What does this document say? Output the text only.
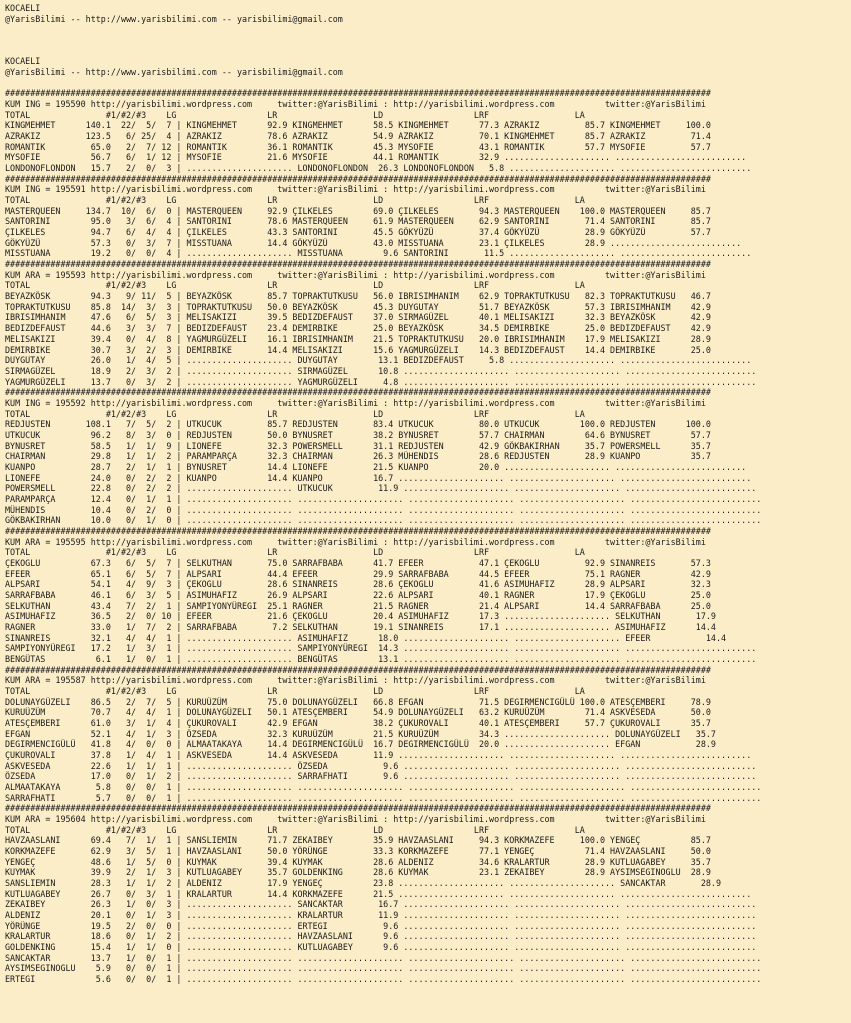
KOCAELI
@YarisBilimi -- http://www.yarisbilimi.com -- yarisbilimi@gmail.com

KOCAELI
@YarisBilimi -- http://www.yarisbilimi.com -- yarisbilimi@gmail.com

############################################################################################################################################
KUM ING = 195590 http://yarisbilimi.wordpress.com     twitter:@YarisBilimi : http://yarisbilimi.wordpress.com          twitter:@YarisBilimi
TOTAL               #1/#2/#3    LG                  LR                   LD                  LRF                 LA
KINGMEHMET      140.1  22/  5/  7 | KINGMEHMET      92.9 KINGMEHMET      58.5 KINGMEHMET      77.3 AZRAKIZ         85.7 KINGMEHMET     100.0
AZRAKIZ         123.5   6/ 25/  4 | AZRAKIZ         78.6 AZRAKIZ         54.9 AZRAKIZ         70.1 KINGMEHMET      85.7 AZRAKIZ         71.4
ROMANTIK         65.0   2/  7/ 12 | ROMANTIK        36.1 ROMANTIK        45.3 MYSOFIE         43.1 ROMANTIK        57.7 MYSOFIE         57.7
MYSOFIE          56.7   6/  1/ 12 | MYSOFIE         21.6 MYSOFIE         44.1 ROMANTIK        32.9 ..................... ..........................
LONDONOFLONDON   15.7   2/  0/  3 | ..................... LONDONOFLONDON  26.3 LONDONOFLONDON   5.8 ..................... ..........................
############################################################################################################################################
KUM ING = 195591 http://yarisbilimi.wordpress.com     twitter:@YarisBilimi : http://yarisbilimi.wordpress.com          twitter:@YarisBilimi
TOTAL               #1/#2/#3    LG                  LR                   LD                  LRF                 LA
MASTERQUEEN     134.7  10/  6/  0 | MASTERQUEEN     92.9 ÇILKELES        69.0 ÇILKELES        94.3 MASTERQUEEN    100.0 MASTERQUEEN     85.7
SANTORINI        95.0   3/  6/  4 | SANTORINI       78.6 MASTERQUEEN     61.9 MASTERQUEEN     62.9 SANTORINI       71.4 SANTORINI       85.7
ÇILKELES         94.7   6/  4/  4 | ÇILKELES        43.3 SANTORINI       45.5 GÖKYÜZÜ         37.4 GÖKYÜZÜ         28.9 GÖKYÜZÜ         57.7
GÖKYÜZÜ          57.3   0/  3/  7 | MISSTUANA       14.4 GÖKYÜZÜ         43.0 MISSTUANA       23.1 ÇILKELES        28.9 ..........................
MISSTUANA        19.2   0/  0/  4 | ..................... MISSTUANA        9.6 SANTORINI       11.5 ..................... ..........................
############################################################################################################################################
KUM ARA = 195593 http://yarisbilimi.wordpress.com     twitter:@YarisBilimi : http://yarisbilimi.wordpress.com          twitter:@YarisBilimi
TOTAL               #1/#2/#3    LG                  LR                   LD                  LRF                 LA
BEYAZKÖSK        94.3   9/ 11/  5 | BEYAZKÖSK       85.7 TOPRAKTUTKUSU   56.0 IBRISIMHANIM    62.9 TOPRAKTUTKUSU   82.3 TOPRAKTUTKUSU   46.7
TOPRAKTUTKUSU    85.8  14/  3/  3 | TOPRAKTUTKUSU   50.0 BEYAZKÖSK       45.3 DUYGUTAY        51.7 BEYAZKÖSK       57.3 IBRISIMHANIM    42.9
IBRISIMHANIM     47.6   6/  5/  3 | MELISAKIZI      39.5 BEDIZDEFAUST    37.0 SIRMAGÜZEL      40.1 MELISAKIZI      32.3 BEYAZKÖSK       42.9
BEDIZDEFAUST     44.6   3/  3/  7 | BEDIZDEFAUST    23.4 DEMIRBIKE       25.0 BEYAZKÖSK       34.5 DEMIRBIKE       25.0 BEDIZDEFAUST    42.9
MELISAKIZI       39.4   0/  4/  8 | YAGMURGÜZELI    16.1 IBRISIMHANIM    21.5 TOPRAKTUTKUSU   20.0 IBRISIMHANIM    17.9 MELISAKIZI      28.9
DEMIRBIKE        30.7   3/  2/  3 | DEMIRBIKE       14.4 MELISAKIZI      15.6 YAGMURGÜZELI    14.3 BEDIZDEFAUST    14.4 DEMIRBIKE       25.0
DUYGUTAY         26.0   1/  4/  5 | ..................... DUYGUTAY        13.1 BEDIZDEFAUST     5.8 ..................... ..........................
SIRMAGÜZEL       18.9   2/  3/  2 | ..................... SIRMAGÜZEL      10.8 ..................... ..................... ..........................
YAGMURGÜZELI     13.7   0/  3/  2 | ..................... YAGMURGÜZELI     4.8 ..................... ..................... ..........................
############################################################################################################################################
KUM ING = 195592 http://yarisbilimi.wordpress.com     twitter:@YarisBilimi : http://yarisbilimi.wordpress.com          twitter:@YarisBilimi
TOTAL               #1/#2/#3    LG                  LR                   LD                  LRF                 LA
REDJUSTEN       108.1   7/  5/  2 | UTKUCUK         85.7 REDJUSTEN       83.4 UTKUCUK         80.0 UTKUCUK        100.0 REDJUSTEN      100.0
UTKUCUK          96.2   8/  3/  0 | REDJUSTEN       50.0 BYNUSRET        38.2 BYNUSRET        57.7 CHAIRMAN        64.6 BYNUSRET        57.7
BYNUSRET         58.5   1/  1/  9 | LIONEFE         32.3 POWERSMELL      31.1 REDJUSTEN       42.9 GÖKBAKIRHAN     35.7 POWERSMELL      35.7
CHAIRMAN         29.8   1/  1/  2 | PARAMPARÇA      32.3 CHAIRMAN        26.3 MÜHENDIS        28.6 REDJUSTEN       28.9 KUANPO          35.7
KUANPO           28.7   2/  1/  1 | BYNUSRET        14.4 LIONEFE         21.5 KUANPO          20.0 ..................... ..........................
LIONEFE          24.0   0/  2/  2 | KUANPO          14.4 KUANPO          16.7 ..................... ..................... ..........................
POWERSMELL       22.8   0/  2/  2 | ..................... UTKUCUK         11.9 ..................... ..................... ..........................
PARAMPARÇA       12.4   0/  1/  1 | ..................... ..................... ..................... ..................... ..........................
MÜHENDIS         10.4   0/  2/  0 | ..................... ..................... ..................... ..................... ..........................
GÖKBAKIRHAN      10.0   0/  1/  0 | ..................... ..................... ..................... ..................... ..........................
############################################################################################################################################
KUM ARA = 195595 http://yarisbilimi.wordpress.com     twitter:@YarisBilimi : http://yarisbilimi.wordpress.com          twitter:@YarisBilimi
TOTAL               #1/#2/#3    LG                  LR                   LD                  LRF                 LA
ÇEKOGLU          67.3   6/  5/  7 | SELKUTHAN       75.0 SARRAFBABA      41.7 EFEER           47.1 ÇEKOGLU         92.9 SINANREIS       57.3
EFEER            65.1   6/  5/  7 | ALPSARI         44.4 EFEER           29.9 SARRAFBABA      44.5 EFEER           75.1 RAGNER          42.9
ALPSARI          54.1   4/  9/  3 | ÇEKOGLU         28.6 SINANREIS       28.6 ÇEKOGLU         41.6 ASIMUHAFIZ      28.9 ALPSARI         32.3
SARRAFBABA       46.1   6/  3/  5 | ASIMUHAFIZ      26.9 ALPSARI         22.6 ALPSARI         40.1 RAGNER          17.9 ÇEKOGLU         25.0
SELKUTHAN        43.4   7/  2/  1 | SAMPIYONYÜREGI  25.1 RAGNER          21.5 RAGNER          21.4 ALPSARI         14.4 SARRAFBABA      25.0
ASIMUHAFIZ       36.5   2/  0/ 10 | EFEER           21.6 ÇEKOGLU         20.4 ASIMUHAFIZ      17.3 ..................... SELKUTHAN       17.9
RAGNER           33.0   1/  7/  2 | SARRAFBABA       7.2 SELKUTHAN       19.1 SINANREIS       17.1 ..................... ASIMUHAFIZ      14.4
SINANREIS        32.1   4/  4/  1 | ..................... ASIMUHAFIZ      18.0 ..................... ..................... EFEER           14.4
SAMPIYONYÜREGI   17.2   1/  3/  1 | ..................... SAMPIYONYÜREGI  14.3 ..................... ..................... ..........................
BENGÜTAS          6.1   1/  0/  1 | ..................... BENGÜTAS        13.1 ..................... ..................... ..........................
############################################################################################################################################
KUM ARA = 195587 http://yarisbilimi.wordpress.com     twitter:@YarisBilimi : http://yarisbilimi.wordpress.com          twitter:@YarisBilimi
TOTAL               #1/#2/#3    LG                  LR                   LD                  LRF                 LA
DOLUNAYGÜZELI    86.5   2/  7/  5 | KURUÜZÜM        75.0 DOLUNAYGÜZELI   66.8 EFGAN           71.5 DEGIRMENCIGÜLÜ 100.0 ATESÇEMBERI     78.9
KURUÜZÜM         70.7   4/  4/  1 | DOLUNAYGÜZELI   50.1 ATESÇEMBERI     54.9 DOLUNAYGÜZELI   63.2 KURUÜZÜM        71.4 ASKVESEDA       50.0
ATESÇEMBERI      61.0   3/  1/  4 | ÇUKUROVALI      42.9 EFGAN           38.2 ÇUKUROVALI      40.1 ATESÇEMBERI     57.7 ÇUKUROVALI      35.7
EFGAN            52.1   4/  1/  3 | ÖZSEDA          32.3 KURUÜZÜM        21.5 KURUÜZÜM        34.3 ..................... DOLUNAYGÜZELI   35.7
DEGIRMENCIGÜLÜ   41.8   4/  0/  0 | ALMAATAKAYA     14.4 DEGIRMENCIGÜLÜ  16.7 DEGIRMENCIGÜLÜ  20.0 ..................... EFGAN           28.9
ÇUKUROVALI       37.8   1/  4/  1 | ASKVESEDA       14.4 ASKVESEDA       11.9 ..................... ..................... ..........................
ASKVESEDA        22.6   1/  1/  1 | ..................... ÖZSEDA           9.6 ..................... ..................... ..........................
ÖZSEDA           17.0   0/  1/  2 | ..................... SARRAFHATI       9.6 ..................... ..................... ..........................
ALMAATAKAYA       5.8   0/  0/  1 | ..................... ..................... ..................... ..................... ..........................
SARRAFHATI        5.7   0/  0/  1 | ..................... ..................... ..................... ..................... ..........................
############################################################################################################################################
KUM ARA = 195604 http://yarisbilimi.wordpress.com     twitter:@YarisBilimi : http://yarisbilimi.wordpress.com          twitter:@YarisBilimi
TOTAL               #1/#2/#3    LG                  LR                   LD                  LRF                 LA
HAVZAASLANI      69.4   7/  1/  1 | SANSLIEMIN      71.7 ZEKAIBEY        35.9 HAVZAASLANI     94.3 KORKMAZEFE     100.0 YENGEÇ          85.7
KORKMAZEFE       62.9   3/  5/  1 | HAVZAASLANI     50.0 YÖRÜNGE         33.3 KORKMAZEFE      77.1 YENGEÇ          71.4 HAVZAASLANI     50.0
YENGEÇ           48.6   1/  5/  0 | KUYMAK          39.4 KUYMAK          28.6 ALDENIZ         34.6 KRALARTUR       28.9 KUTLUAGABEY     35.7
KUYMAK           39.9   2/  1/  3 | KUTLUAGABEY     35.7 GOLDENKING      28.6 KUYMAK          23.1 ZEKAIBEY        28.9 AYSIMSEGINOGLU  28.9
SANSLIEMIN       28.3   1/  1/  2 | ALDENIZ         17.9 YENGEÇ          23.8 ..................... ..................... SANCAKTAR       28.9
KUTLUAGABEY      26.7   0/  3/  1 | KRALARTUR       14.4 KORKMAZEFE      21.5 ..................... ..................... ..........................
ZEKAIBEY         26.3   1/  0/  3 | ..................... SANCAKTAR       16.7 ..................... ..................... ..........................
ALDENIZ          20.1   0/  1/  3 | ..................... KRALARTUR       11.9 ..................... ..................... ..........................
YÖRÜNGE          19.5   2/  0/  0 | ..................... ERTEGI           9.6 ..................... ..................... ..........................
KRALARTUR        18.6   0/  1/  2 | ..................... HAVZAASLANI      9.6 ..................... ..................... ..........................
GOLDENKING       15.4   1/  1/  0 | ..................... KUTLUAGABEY      9.6 ..................... ..................... ..........................
SANCAKTAR        13.7   1/  0/  1 | ..................... ..................... ..................... ..................... ..........................
AYSIMSEGINOGLU    5.9   0/  0/  1 | ..................... ..................... ..................... ..................... ..........................
ERTEGI            5.6   0/  0/  1 | ..................... ..................... ..................... ..................... ..........................
